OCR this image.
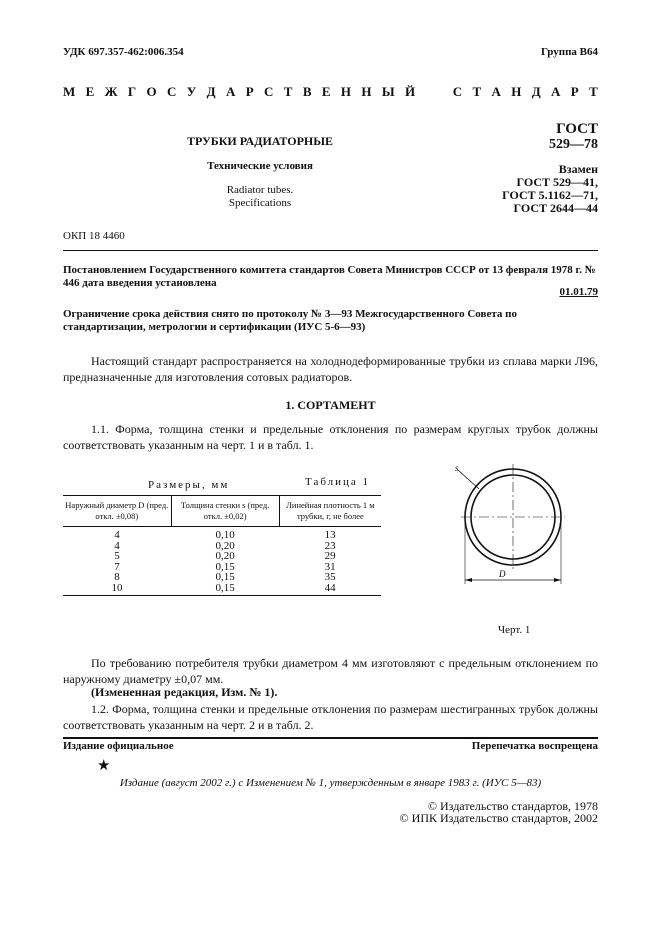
УДК 697.357-462:006.354	Группа В64
М Е Ж Г О С У Д А Р С Т В Е Н Н Ы Й

	С Т А Н Д А Р Т
ТРУБКИ РАДИАТОРНЫЕ
Технические условия
Radiator tubes.
Specifications
ГОСТ
529—78
Взамен
ГОСТ 529—41,
ГОСТ 5.1162—71,
ГОСТ 2644—44
ОКП 18 4460
Постановлением Государственного комитета стандартов Совета Министров СССР от 13 февраля 1978 г. № 446 дата введения установлена
01.01.79
Ограничение срока действия снято по протоколу № 3—93 Межгосударственного Совета по стандартизации, метрологии и сертификации (ИУС 5-6—93)
Настоящий стандарт распространяется на холоднодеформированные трубки из сплава марки Л96, предназначенные для изготовления сотовых радиаторов.
1. СОРТАМЕНТ
1.1. Форма, толщина стенки и предельные отклонения по размерам круглых трубок должны соответствовать указанным на черт. 1 и в табл. 1.
Размеры, мм	Таблица 1
Наружный диаметр D (пред. откл. ±0,08)	Толщина стенки s (пред. откл. ±0,02)	Линейная плотность 1 м трубки, г, не более
4	0,10	13
4	0,20	23
5	0,20	29
7	0,15	31
8	0,15	35
10	0,15	44
s
D
Черт. 1
По требованию потребителя трубки диаметром 4 мм изготовляют с предельным отклонением по наружному диаметру ±0,07 мм.
(Измененная редакция, Изм. № 1).
1.2. Форма, толщина стенки и предельные отклонения по размерам шестигранных трубок должны соответствовать указанным на черт. 2 и в табл. 2.
Издание официальное	Перепечатка воспрещена
★
Издание (август 2002 г.) с Изменением № 1, утвержденным в январе 1983 г. (ИУС 5—83)
© Издательство стандартов, 1978
© ИПК Издательство стандартов, 2002
